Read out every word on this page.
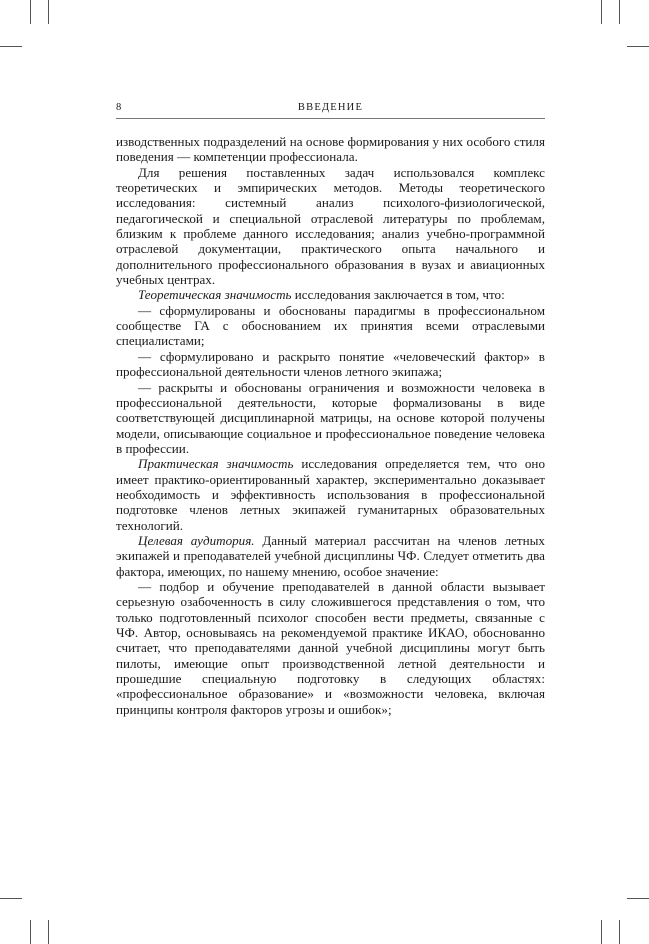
8	ВВЕДЕНИЕ

изводственных подразделений на основе формирования у них особого стиля поведения — компетенции профессионала.

Для решения поставленных задач использовался комплекс теоретических и эмпирических методов. Методы теоретического исследования: системный анализ психолого-физиологической, педагогической и специальной отраслевой литературы по проблемам, близким к проблеме данного исследования; анализ учебно-программной отраслевой документации, практического опыта начального и дополнительного профессионального образования в вузах и авиационных учебных центрах.

Теоретическая значимость исследования заключается в том, что:

— сформулированы и обоснованы парадигмы в профессиональном сообществе ГА с обоснованием их принятия всеми отраслевыми специалистами;

— сформулировано и раскрыто понятие «человеческий фактор» в профессиональной деятельности членов летного экипажа;

— раскрыты и обоснованы ограничения и возможности человека в профессиональной деятельности, которые формализованы в виде соответствующей дисциплинарной матрицы, на основе которой получены модели, описывающие социальное и профессиональное поведение человека в профессии.

Практическая значимость исследования определяется тем, что оно имеет практико-ориентированный характер, экспериментально доказывает необходимость и эффективность использования в профессиональной подготовке членов летных экипажей гуманитарных образовательных технологий.

Целевая аудитория. Данный материал рассчитан на членов летных экипажей и преподавателей учебной дисциплины ЧФ. Следует отметить два фактора, имеющих, по нашему мнению, особое значение:

— подбор и обучение преподавателей в данной области вызывает серьезную озабоченность в силу сложившегося представления о том, что только подготовленный психолог способен вести предметы, связанные с ЧФ. Автор, основываясь на рекомендуемой практике ИКАО, обоснованно считает, что преподавателями данной учебной дисциплины могут быть пилоты, имеющие опыт производственной летной деятельности и прошедшие специальную подготовку в следующих областях: «профессиональное образование» и «возможности человека, включая принципы контроля факторов угрозы и ошибок»;
